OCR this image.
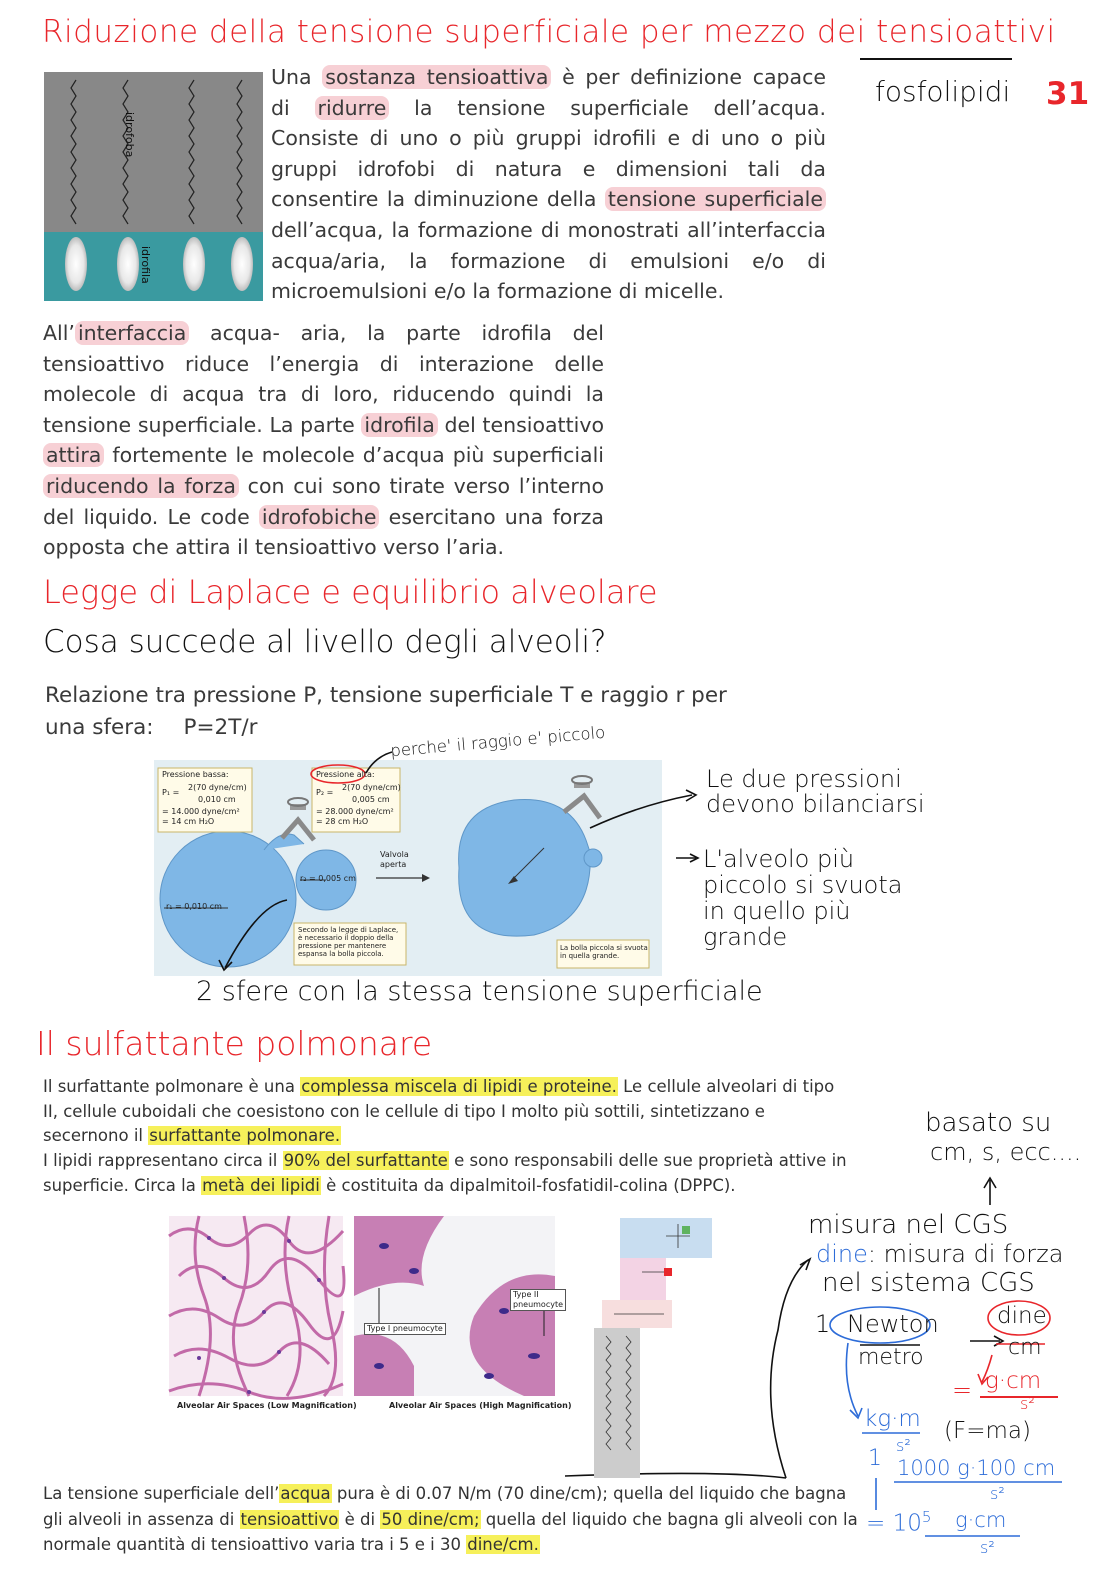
Riduzione della tensione superficiale per mezzo dei tensioattivi
fosfolipidi 31
idrofoba
idrofila
Una sostanza tensioattiva è per definizione capace di ridurre la tensione superficiale dell’acqua. Consiste di uno o più gruppi idrofili e di uno o più gruppi idrofobi di natura e dimensioni tali da consentire la diminuzione della tensione superficiale dell’acqua, la formazione di monostrati all’interfaccia acqua/aria, la formazione di emulsioni e/o di microemulsioni e/o la formazione di micelle.
All’ interfaccia acqua- aria, la parte idrofila del tensioattivo riduce l’energia di interazione delle molecole di acqua tra di loro, riducendo quindi la tensione superficiale. La parte idrofila del tensioattivo attira fortemente le molecole d’acqua più superficiali riducendo la forza con cui sono tirate verso l’interno del liquido. Le code idrofobiche esercitano una forza opposta che attira il tensioattivo verso l’aria.
Legge di Laplace e equilibrio alveolare
Cosa succede al livello degli alveoli?
Relazione tra pressione P, tensione superficiale T e raggio r per
una sfera: P=2T/r	perche' il raggio e' piccolo
Pressione bassa:
P₁ =
2(70 dyne/cm)
0,010 cm
= 14.000 dyne/cm²
= 14 cm H₂O
Pressione alta:
P₂ =
2(70 dyne/cm)
0,005 cm
= 28.000 dyne/cm²
= 28 cm H₂O
r₁ = 0,010 cm
r₂ = 0,005 cm
Valvola aperta
Secondo la legge di Laplace, è necessario il doppio della pressione per mantenere espansa la bolla piccola.
La bolla piccola si svuota in quella grande.
Le due pressioni devono bilanciarsi
L'alveolo più piccolo si svuota in quello più grande
2 sfere con la stessa tensione superficiale
Il sulfattante polmonare
Il surfattante polmonare è una complessa miscela di lipidi e proteine. Le cellule alveolari di tipo II, cellule cuboidali che coesistono con le cellule di tipo I molto più sottili, sintetizzano e secernono il surfattante polmonare.
I lipidi rappresentano circa il 90% del surfattante e sono responsabili delle sue proprietà attive in superficie. Circa la metà dei lipidi è costituita da dipalmitoil-fosfatidil-colina (DPPC).
Type II pneumocyte
Type I pneumocyte
Alveolar Air Spaces (Low Magnification)	Alveolar Air Spaces (High Magnification)
La tensione superficiale dell’acqua pura è di 0.07 N/m (70 dine/cm); quella del liquido che bagna gli alveoli in assenza di tensioattivo è di 50 dine/cm; quella del liquido che bagna gli alveoli con la normale quantità di tensioattivo varia tra i 5 e i 30 dine/cm.
basato su
cm, s, ecc....
misura nel CGS
dine: misura di forza
nel sistema CGS
1 Newton
metro
dine
cm
= g·cm
s²
kg·m
s²
(F=ma)
1 1000 g·100 cm
s²
= $10^5$ g·cm
s²
